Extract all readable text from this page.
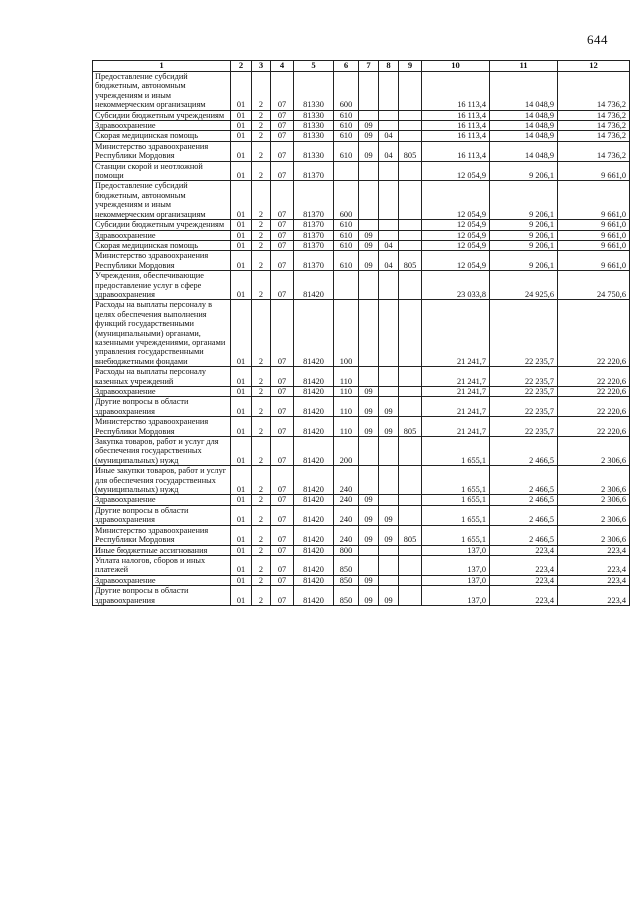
644
1	2	3	4	5	6	7	8	9	10	11	12
Предоставление субсидий бюджетным, автономным учреждениям и иным некоммерческим организациям	01	2	07	81330	600				16 113,4	14 048,9	14 736,2
Субсидии бюджетным учреждениям	01	2	07	81330	610				16 113,4	14 048,9	14 736,2
Здравоохранение	01	2	07	81330	610	09			16 113,4	14 048,9	14 736,2
Скорая медицинская помощь	01	2	07	81330	610	09	04		16 113,4	14 048,9	14 736,2
Министерство здравоохранения Республики Мордовия	01	2	07	81330	610	09	04	805	16 113,4	14 048,9	14 736,2
Станции скорой и неотложной помощи	01	2	07	81370					12 054,9	9 206,1	9 661,0
Предоставление субсидий бюджетным, автономным учреждениям и иным некоммерческим организациям	01	2	07	81370	600				12 054,9	9 206,1	9 661,0
Субсидии бюджетным учреждениям	01	2	07	81370	610				12 054,9	9 206,1	9 661,0
Здравоохранение	01	2	07	81370	610	09			12 054,9	9 206,1	9 661,0
Скорая медицинская помощь	01	2	07	81370	610	09	04		12 054,9	9 206,1	9 661,0
Министерство здравоохранения Республики Мордовия	01	2	07	81370	610	09	04	805	12 054,9	9 206,1	9 661,0
Учреждения, обеспечивающие предоставление услуг в сфере здравоохранения	01	2	07	81420					23 033,8	24 925,6	24 750,6
Расходы на выплаты персоналу в целях обеспечения выполнения функций государственными (муниципальными) органами, казенными учреждениями, органами управления государственными внебюджетными фондами	01	2	07	81420	100				21 241,7	22 235,7	22 220,6
Расходы на выплаты персоналу казенных учреждений	01	2	07	81420	110				21 241,7	22 235,7	22 220,6
Здравоохранение	01	2	07	81420	110	09			21 241,7	22 235,7	22 220,6
Другие вопросы в области здравоохранения	01	2	07	81420	110	09	09		21 241,7	22 235,7	22 220,6
Министерство здравоохранения Республики Мордовия	01	2	07	81420	110	09	09	805	21 241,7	22 235,7	22 220,6
Закупка товаров, работ и услуг для обеспечения государственных (муниципальных) нужд	01	2	07	81420	200				1 655,1	2 466,5	2 306,6
Иные закупки товаров, работ и услуг для обеспечения государственных (муниципальных) нужд	01	2	07	81420	240				1 655,1	2 466,5	2 306,6
Здравоохранение	01	2	07	81420	240	09			1 655,1	2 466,5	2 306,6
Другие вопросы в области здравоохранения	01	2	07	81420	240	09	09		1 655,1	2 466,5	2 306,6
Министерство здравоохранения Республики Мордовия	01	2	07	81420	240	09	09	805	1 655,1	2 466,5	2 306,6
Иные бюджетные ассигнования	01	2	07	81420	800				137,0	223,4	223,4
Уплата налогов, сборов и иных платежей	01	2	07	81420	850				137,0	223,4	223,4
Здравоохранение	01	2	07	81420	850	09			137,0	223,4	223,4
Другие вопросы в области здравоохранения	01	2	07	81420	850	09	09		137,0	223,4	223,4
